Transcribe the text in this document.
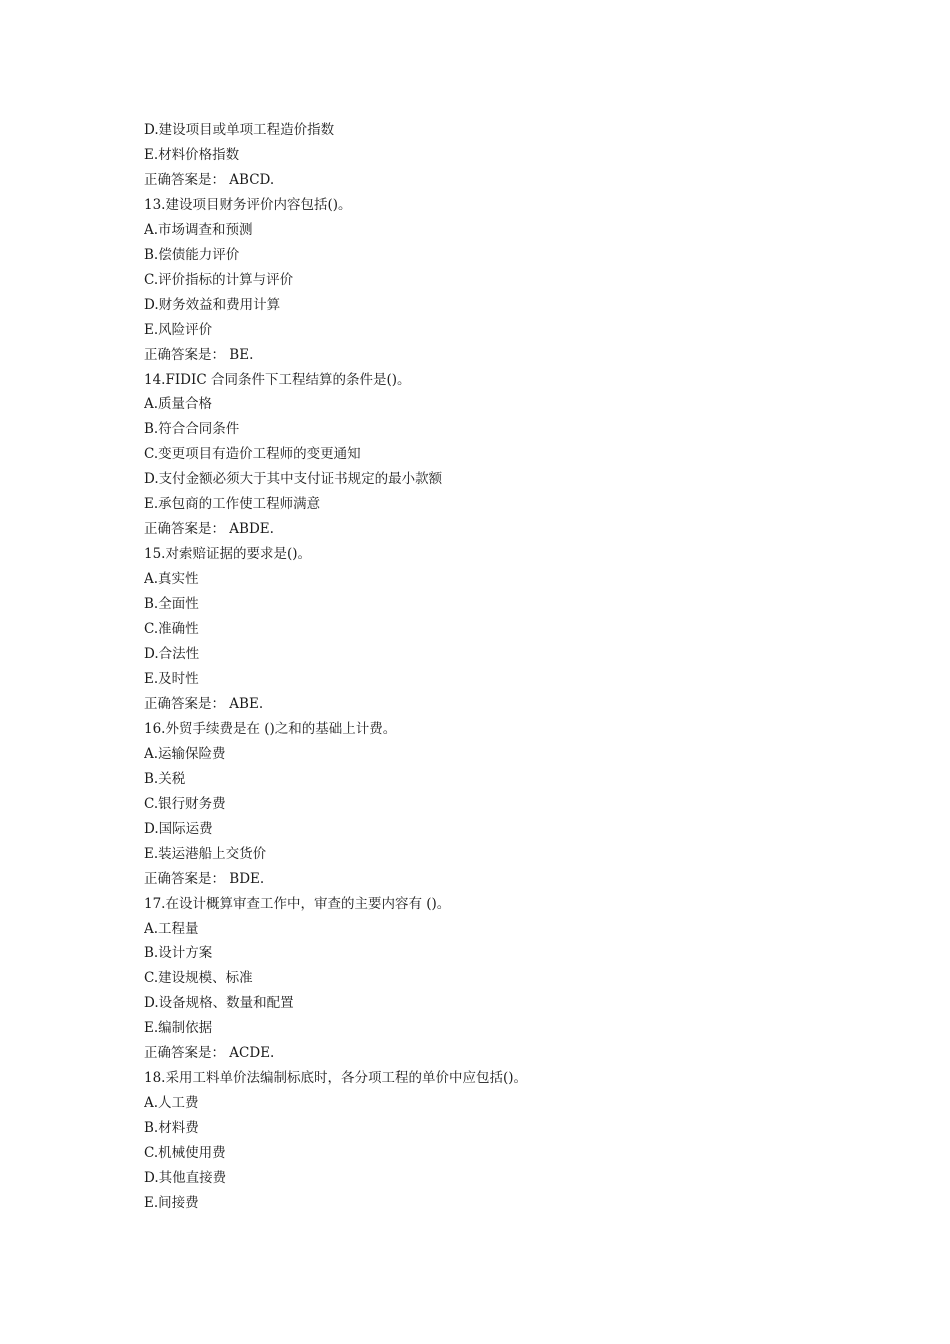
D.建设项目或单项工程造价指数
E.材料价格指数
正确答案是： ABCD.
13.建设项目财务评价内容包括()。
A.市场调查和预测
B.偿债能力评价
C.评价指标的计算与评价
D.财务效益和费用计算
E.风险评价
正确答案是： BE.
14.FIDIC 合同条件下工程结算的条件是()。
A.质量合格
B.符合合同条件
C.变更项目有造价工程师的变更通知
D.支付金额必须大于其中支付证书规定的最小款额
E.承包商的工作使工程师满意
正确答案是： ABDE.
15.对索赔证据的要求是()。
A.真实性
B.全面性
C.准确性
D.合法性
E.及时性
正确答案是： ABE.
16.外贸手续费是在 ()之和的基础上计费。
A.运输保险费
B.关税
C.银行财务费
D.国际运费
E.装运港船上交货价
正确答案是： BDE.
17.在设计概算审查工作中，审查的主要内容有 ()。
A.工程量
B.设计方案
C.建设规模、标准
D.设备规格、数量和配置
E.编制依据
正确答案是： ACDE.
18.采用工料单价法编制标底时，各分项工程的单价中应包括()。
A.人工费
B.材料费
C.机械使用费
D.其他直接费
E.间接费
